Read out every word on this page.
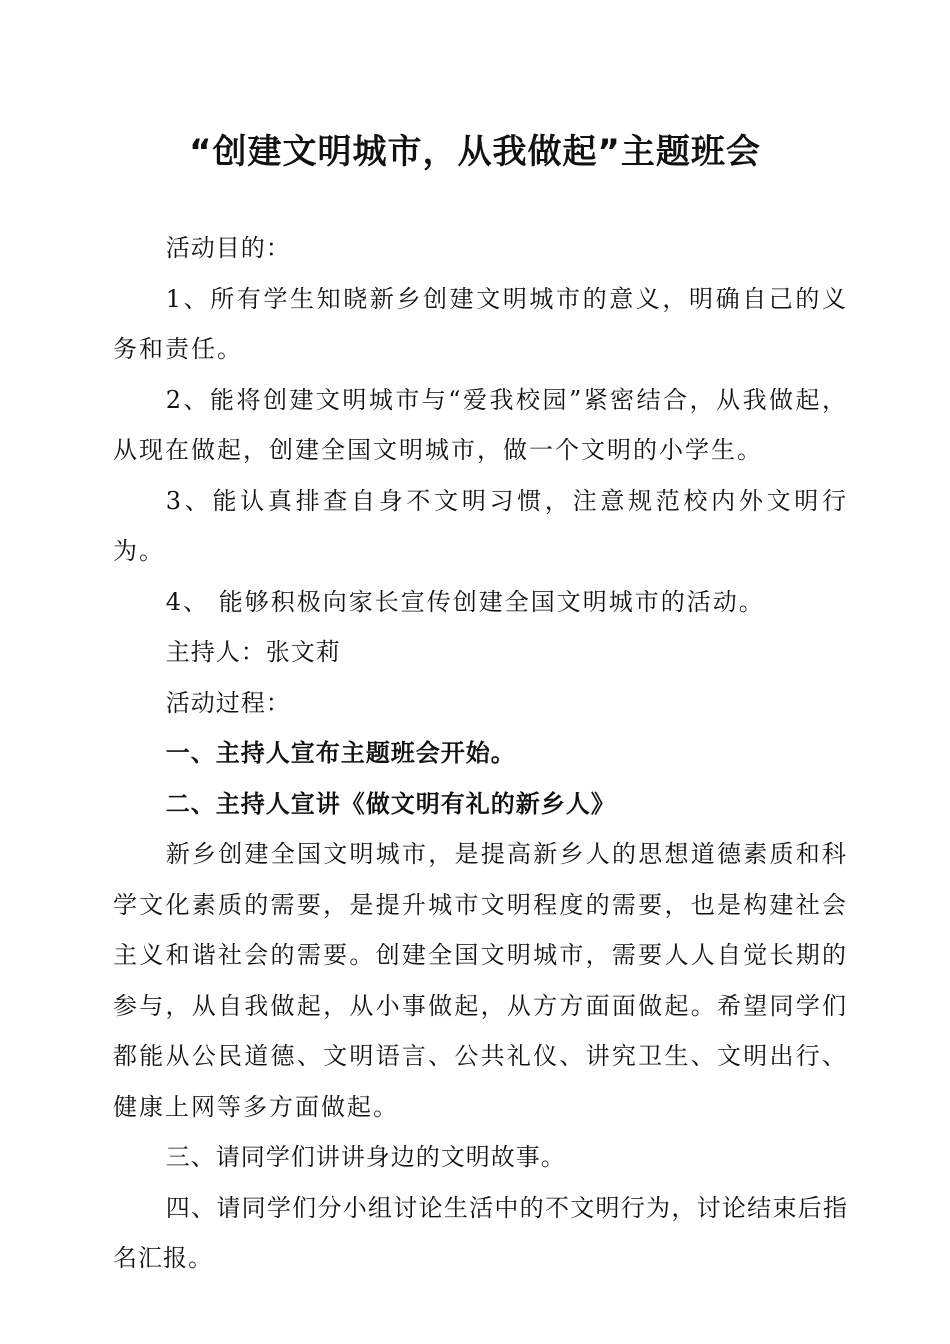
“创建文明城市，从我做起”主题班会

活动目的：

1、所有学生知晓新乡创建文明城市的意义，明确自己的义务和责任。

2、能将创建文明城市与“爱我校园”紧密结合，从我做起，从现在做起，创建全国文明城市，做一个文明的小学生。

3、能认真排查自身不文明习惯，注意规范校内外文明行为。

4、 能够积极向家长宣传创建全国文明城市的活动。

主持人：张文莉

活动过程：

一、主持人宣布主题班会开始。

二、主持人宣讲《做文明有礼的新乡人》

新乡创建全国文明城市，是提高新乡人的思想道德素质和科学文化素质的需要，是提升城市文明程度的需要，也是构建社会主义和谐社会的需要。创建全国文明城市，需要人人自觉长期的参与，从自我做起，从小事做起，从方方面面做起。希望同学们都能从公民道德、文明语言、公共礼仪、讲究卫生、文明出行、健康上网等多方面做起。

三、请同学们讲讲身边的文明故事。

四、请同学们分小组讨论生活中的不文明行为，讨论结束后指名汇报。
